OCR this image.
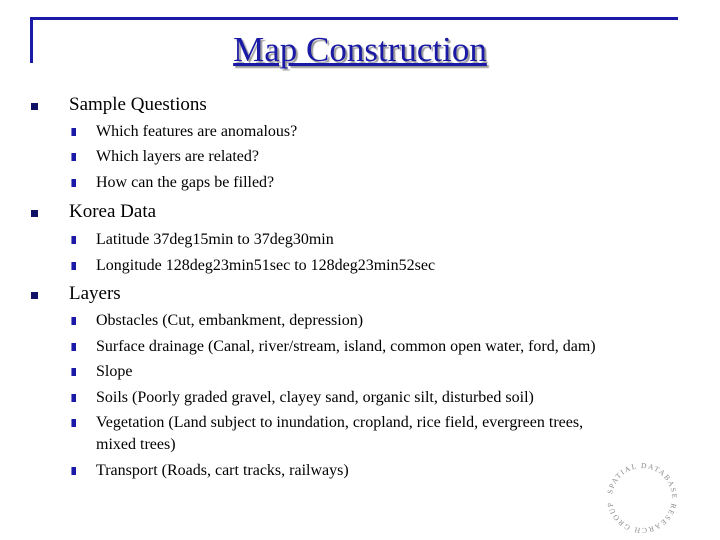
Map Construction
Sample Questions
Which features are anomalous?
Which layers are related?
How can the gaps be filled?
Korea Data
Latitude 37deg15min to 37deg30min
Longitude 128deg23min51sec to 128deg23min52sec
Layers
Obstacles (Cut, embankment, depression)
Surface drainage (Canal, river/stream, island, common open water, ford, dam)
Slope
Soils (Poorly graded gravel, clayey sand, organic silt, disturbed soil)
Vegetation (Land subject to inundation, cropland, rice field, evergreen trees,
mixed trees)
Transport (Roads, cart tracks, railways)
SPATIAL DATABASE RESEARCH GROUP
